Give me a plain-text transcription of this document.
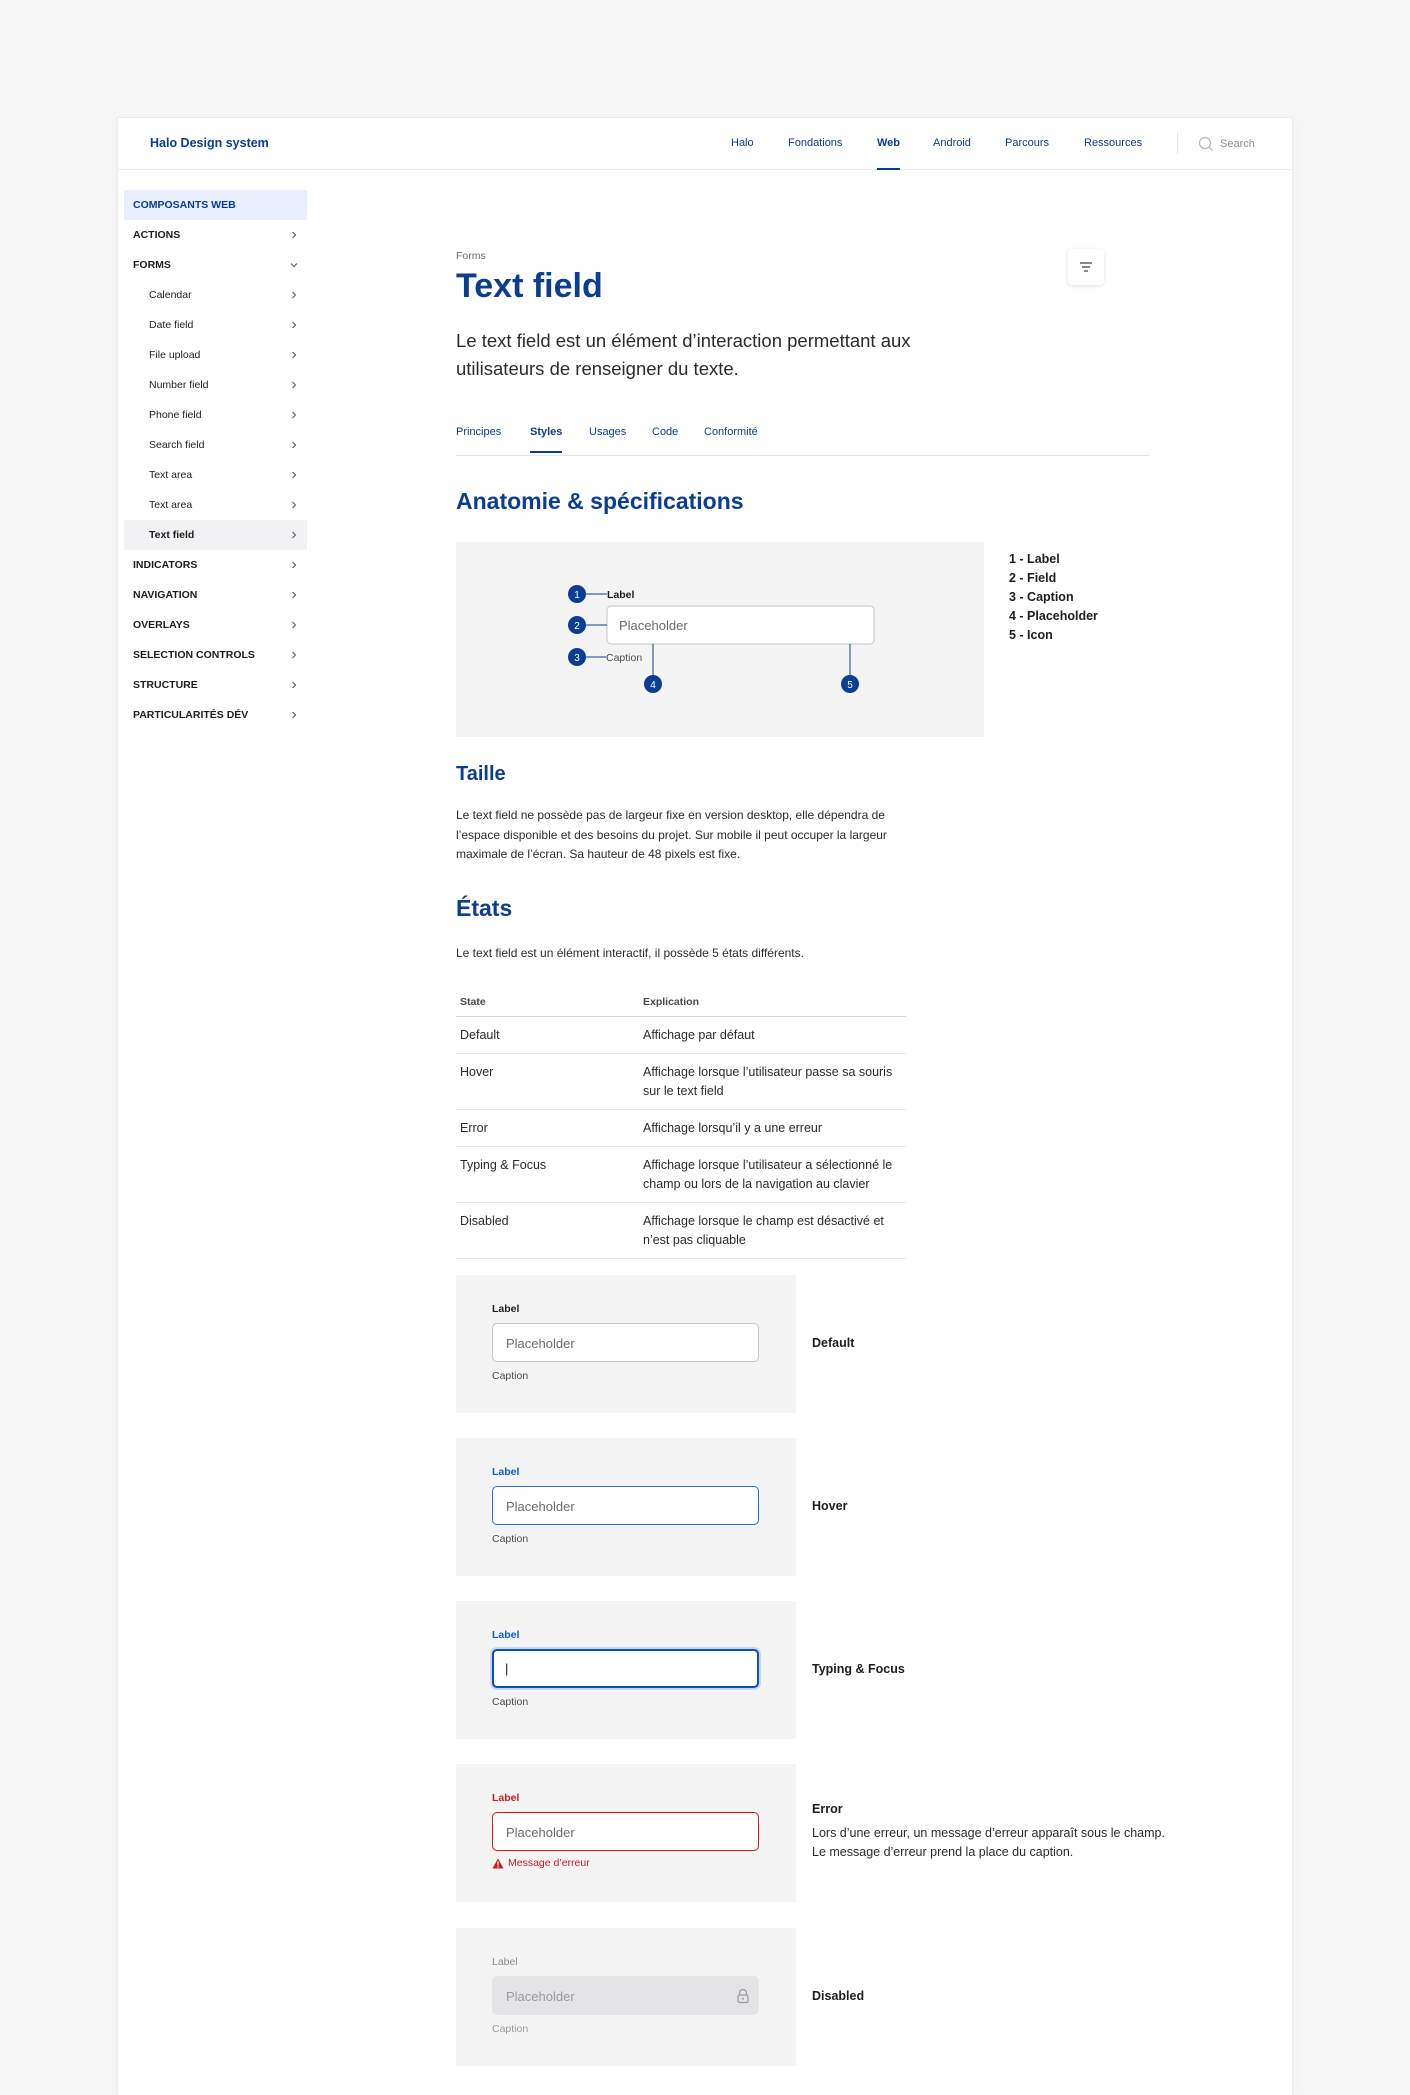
Halo Design system	Halo	Fondations	Web	Android	Parcours	Ressources	Search
COMPOSANTS WEB
ACTIONS
FORMS
Calendar
Date field
File upload
Number field
Phone field
Search field
Text area
Text area
Text field
INDICATORS
NAVIGATION
OVERLAYS
SELECTION CONTROLS
STRUCTURE
PARTICULARITÉS DÉV
Forms
Text field
Le text field est un élément d’interaction permettant aux utilisateurs de renseigner du texte.
Principes	Styles Usages Code Conformité
Anatomie & spécifications
Placeholder
Label
Caption
1
2
3
4	5
1 - Label
2 - Field
3 - Caption
4 - Placeholder
5 - Icon
Taille
Le text field ne possède pas de largeur fixe en version desktop, elle dépendra de l’espace disponible et des besoins du projet. Sur mobile il peut occuper la largeur maximale de l’écran. Sa hauteur de 48 pixels est fixe.
États
Le text field est un élément interactif, il possède 5 états différents.
State	Explication
Default	Affichage par défaut
Hover	Affichage lorsque l’utilisateur passe sa souris sur le text field
Error	Affichage lorsqu’il y a une erreur
Typing & Focus	Affichage lorsque l’utilisateur a sélectionné le champ ou lors de la navigation au clavier
Disabled	Affichage lorsque le champ est désactivé et n’est pas cliquable
Label
Placeholder
Caption
Default
Label
Placeholder
Caption
Hover
Label
|
Caption
Typing & Focus
Label
Placeholder
Message d’erreur
Error
Lors d’une erreur, un message d’erreur apparaît sous le champ. Le message d’erreur prend la place du caption.
Label
Placeholder
Caption
Disabled
